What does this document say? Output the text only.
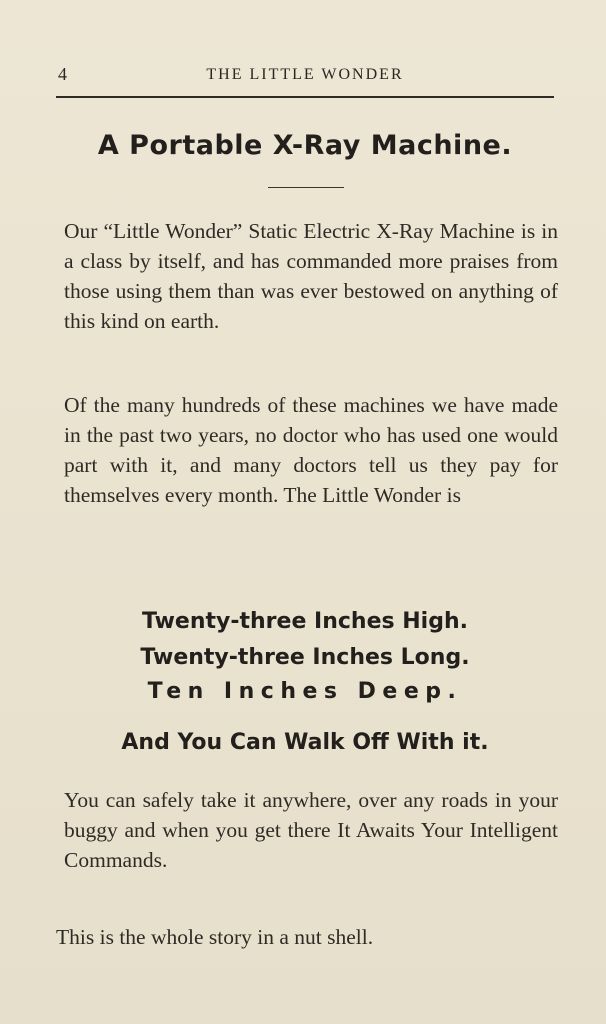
4	THE LITTLE WONDER
A Portable X-Ray Machine.

Our “Little Wonder” Static Electric X-Ray Machine is in a class by itself, and has commanded more praises from those using them than was ever bestowed on anything of this kind on earth.

Of the many hundreds of these machines we have made in the past two years, no doctor who has used one would part with it, and many doctors tell us they pay for themselves every month. The Little Wonder is

Twenty-three Inches High.
Twenty-three Inches Long.
Ten Inches Deep.
And You Can Walk Off With it.

You can safely take it anywhere, over any roads in your buggy and when you get there It Awaits Your Intelligent Commands.

This is the whole story in a nut shell.
